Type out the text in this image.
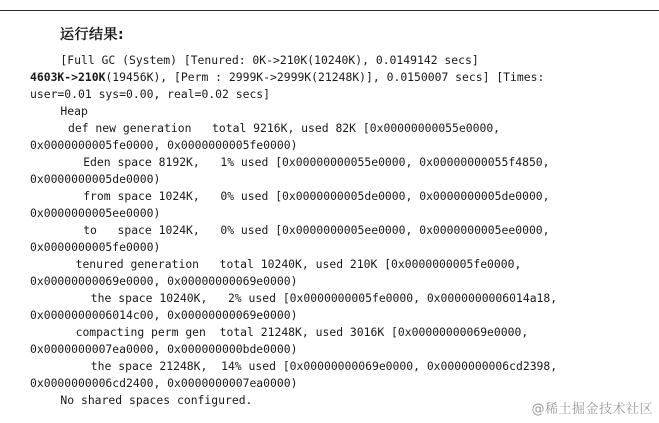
运行结果:
[Full GC (System) [Tenured: 0K->210K(10240K), 0.0149142 secs]
4603K->210K(19456K), [Perm : 2999K->2999K(21248K)], 0.0150007 secs] [Times:
user=0.01 sys=0.00, real=0.02 secs]
Heap
def new generation   total 9216K, used 82K [0x00000000055e0000,
0x0000000005fe0000, 0x0000000005fe0000)
Eden space 8192K,   1% used [0x00000000055e0000, 0x00000000055f4850,
0x0000000005de0000)
from space 1024K,   0% used [0x0000000005de0000, 0x0000000005de0000,
0x0000000005ee0000)
to   space 1024K,   0% used [0x0000000005ee0000, 0x0000000005ee0000,
0x0000000005fe0000)
tenured generation   total 10240K, used 210K [0x0000000005fe0000,
0x00000000069e0000, 0x00000000069e0000)
the space 10240K,   2% used [0x0000000005fe0000, 0x0000000006014a18,
0x0000000006014c00, 0x00000000069e0000)
compacting perm gen  total 21248K, used 3016K [0x00000000069e0000,
0x0000000007ea0000, 0x000000000bde0000)
the space 21248K,  14% used [0x00000000069e0000, 0x0000000006cd2398,
0x0000000006cd2400, 0x0000000007ea0000)
No shared spaces configured.
@稀土掘金技术社区
